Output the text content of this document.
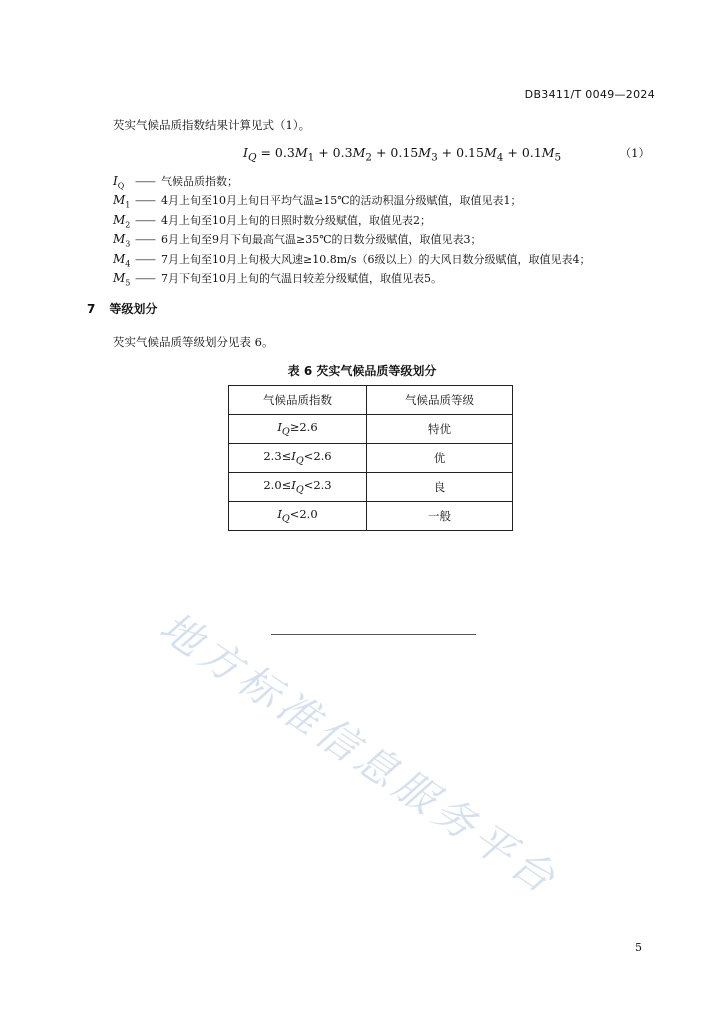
DB3411/T 0049—2024
芡实气候品质指数结果计算见式（1）。
$I_Q = 0.3M_1 + 0.3M_2 + 0.15M_3 + 0.15M_4 + 0.1M_5$	（1）
$I_Q$ —— 气候品质指数；
$M_1$ —— 4月上旬至10月上旬日平均气温≥15℃的活动积温分级赋值，取值见表1；
$M_2$ —— 4月上旬至10月上旬的日照时数分级赋值，取值见表2；
$M_3$ —— 6月上旬至9月下旬最高气温≥35℃的日数分级赋值，取值见表3；
$M_4$ —— 7月上旬至10月上旬极大风速≥10.8m/s（6级以上）的大风日数分级赋值，取值见表4；
$M_5$ —— 7月下旬至10月上旬的气温日较差分级赋值，取值见表5。
7 等级划分
芡实气候品质等级划分见表 6。
表 6 芡实气候品质等级划分
气候品质指数	气候品质等级
$I_Q\ge 2.6$	特优
$2.3\le I_Q<2.6$	优
$2.0\le I_Q<2.3$	良
$I_Q<2.0$	一般
地方标准信息服务平台
5
